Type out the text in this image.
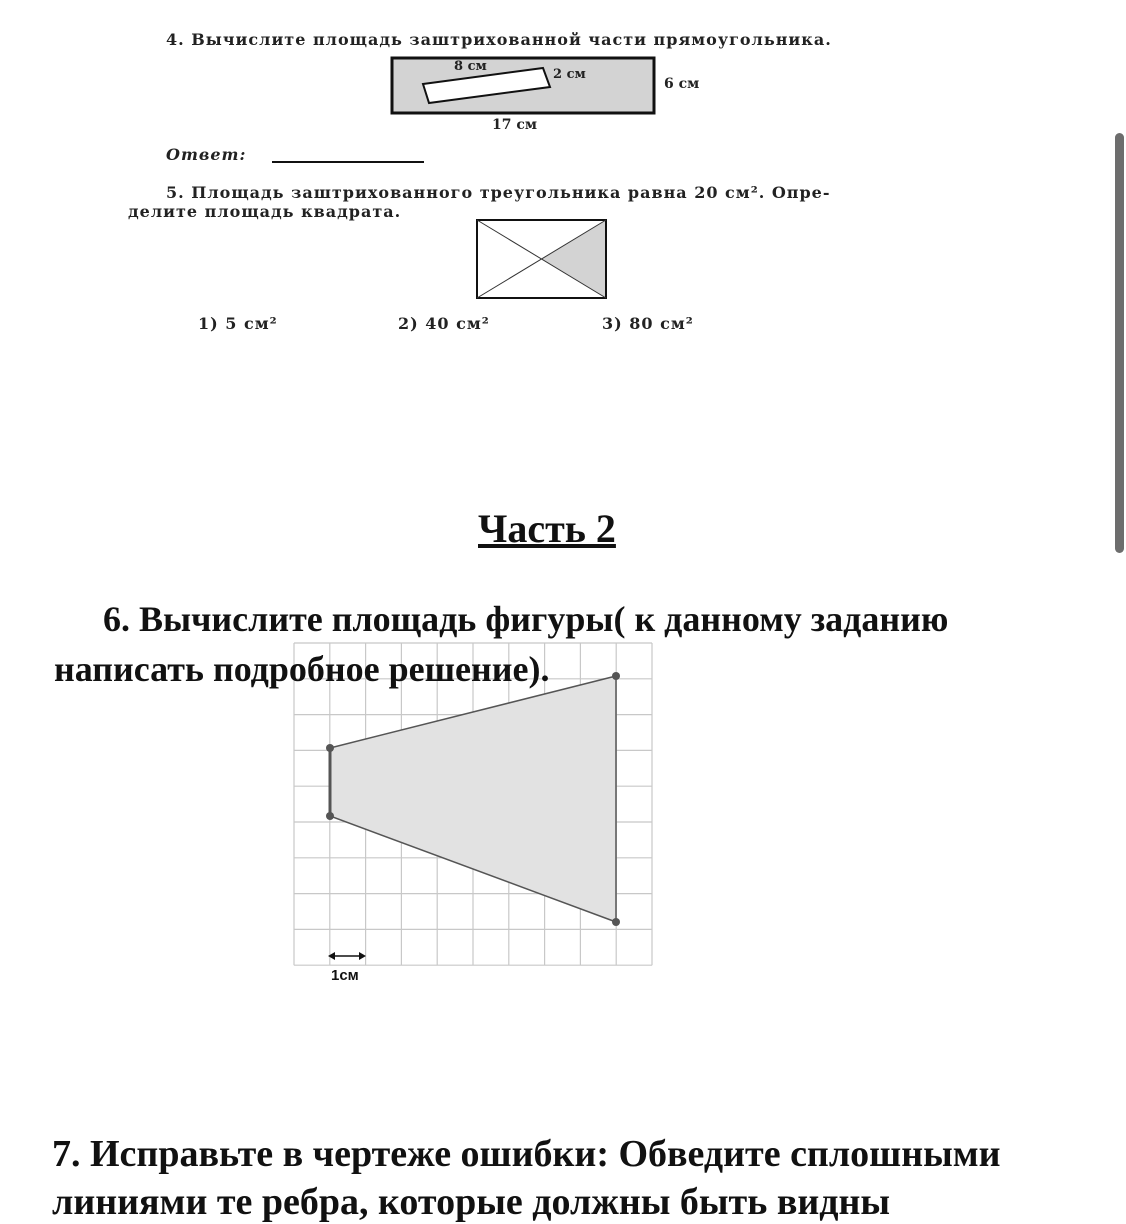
4. Вычислите площадь заштрихованной части прямоугольника.
8 см
2 см
6 см
17 см
Ответ:
5. Площадь заштрихованного треугольника равна 20 см². Опре-
делите площадь квадрата.
1) 5 см²	2) 40 см²	3) 80 см²
Часть 2
1см
6. Вычислите площадь фигуры( к данному заданию
написать подробное решение).
7. Исправьте в чертеже ошибки: Обведите сплошными
линиями те ребра, которые должны быть видны
